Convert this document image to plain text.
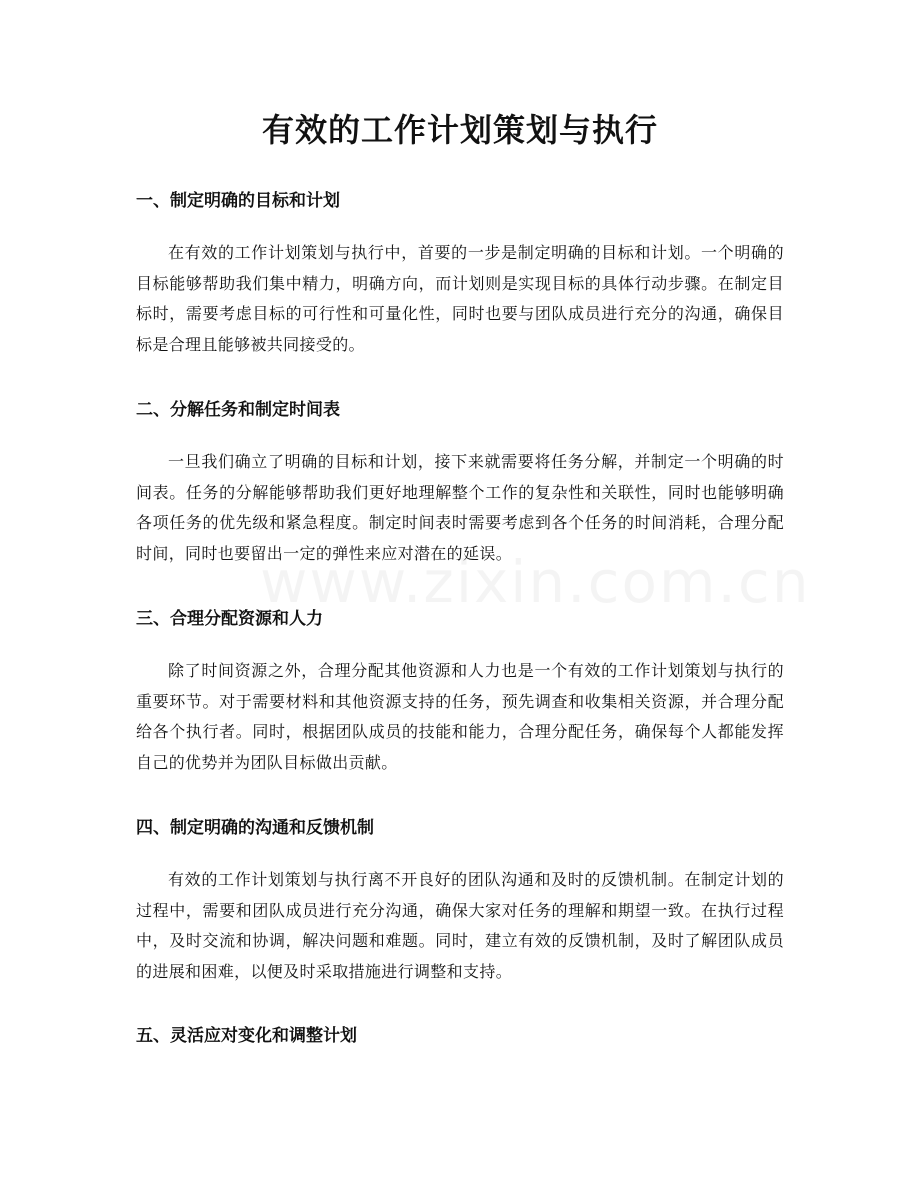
有效的工作计划策划与执行
一、制定明确的目标和计划

在有效的工作计划策划与执行中，首要的一步是制定明确的目标和计划。一个明确的目标能够帮助我们集中精力，明确方向，而计划则是实现目标的具体行动步骤。在制定目标时，需要考虑目标的可行性和可量化性，同时也要与团队成员进行充分的沟通，确保目标是合理且能够被共同接受的。

二、分解任务和制定时间表

一旦我们确立了明确的目标和计划，接下来就需要将任务分解，并制定一个明确的时间表。任务的分解能够帮助我们更好地理解整个工作的复杂性和关联性，同时也能够明确各项任务的优先级和紧急程度。制定时间表时需要考虑到各个任务的时间消耗，合理分配时间，同时也要留出一定的弹性来应对潜在的延误。

三、合理分配资源和人力

除了时间资源之外，合理分配其他资源和人力也是一个有效的工作计划策划与执行的重要环节。对于需要材料和其他资源支持的任务，预先调查和收集相关资源，并合理分配给各个执行者。同时，根据团队成员的技能和能力，合理分配任务，确保每个人都能发挥自己的优势并为团队目标做出贡献。

四、制定明确的沟通和反馈机制

有效的工作计划策划与执行离不开良好的团队沟通和及时的反馈机制。在制定计划的过程中，需要和团队成员进行充分沟通，确保大家对任务的理解和期望一致。在执行过程中，及时交流和协调，解决问题和难题。同时，建立有效的反馈机制，及时了解团队成员的进展和困难，以便及时采取措施进行调整和支持。

五、灵活应对变化和调整计划
